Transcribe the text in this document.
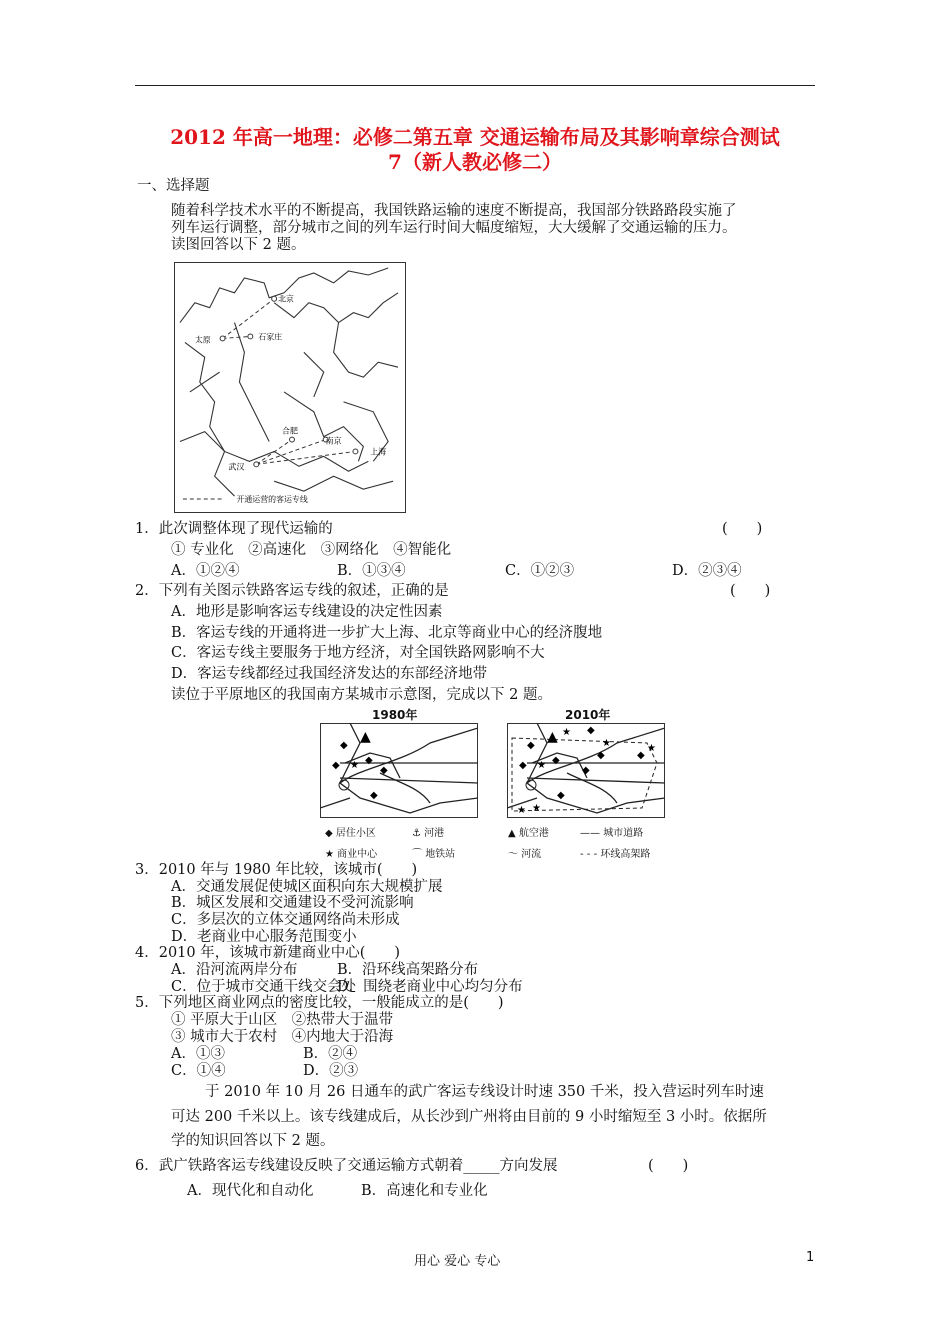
2012 年高一地理：必修二第五章 交通运输布局及其影响章综合测试
7（新人教必修二）
一、选择题
随着科学技术水平的不断提高，我国铁路运输的速度不断提高，我国部分铁路路段实施了
列车运行调整，部分城市之间的列车运行时间大幅度缩短，大大缓解了交通运输的压力。
读图回答以下 2 题。
北京
太原	石家庄
合肥
南京
武汉
上海
开通运营的客运专线
1．此次调整体现了现代运输的	(　　)
① 专业化　②高速化　③网络化　④智能化
A．①②④	B．①③④	C．①②③	D．②③④
2．下列有关图示铁路客运专线的叙述，正确的是	(　　)
A．地形是影响客运专线建设的决定性因素
B．客运专线的开通将进一步扩大上海、北京等商业中心的经济腹地
C．客运专线主要服务于地方经济，对全国铁路网影响不大
D．客运专线都经过我国经济发达的东部经济地带
读位于平原地区的我国南方某城市示意图，完成以下 2 题。
1980年	2010年
▲
◆
◆	◆
◆
◆
★
▲
◆
◆	◆
◆
◆	◆
◆
◆
★
★
★	★
★ ★
◆ 居住小区	⚓ 河港	▲ 航空港	—— 城市道路
★ 商业中心	⌒ 地铁站	～ 河流	- - - 环线高架路
3．2010 年与 1980 年比较，该城市(　　)
A．交通发展促使城区面积向东大规模扩展
B．城区发展和交通建设不受河流影响
C．多层次的立体交通网络尚未形成
D．老商业中心服务范围变小
4．2010 年，该城市新建商业中心(　　)
A．沿河流两岸分布	B．沿环线高架路分布
C．位于城市交通干线交会处
D．围绕老商业中心均匀分布
5．下列地区商业网点的密度比较，一般能成立的是(　　)
① 平原大于山区　②热带大于温带
③ 城市大于农村　④内地大于沿海
A．①③	B．②④
C．①④	D．②③
于 2010 年 10 月 26 日通车的武广客运专线设计时速 350 千米，投入营运时列车时速
可达 200 千米以上。该专线建成后，从长沙到广州将由目前的 9 小时缩短至 3 小时。依据所
学的知识回答以下 2 题。
6．武广铁路客运专线建设反映了交通运输方式朝着_____方向发展	(　　)
A．现代化和自动化	B．高速化和专业化
用心 爱心 专心	1
